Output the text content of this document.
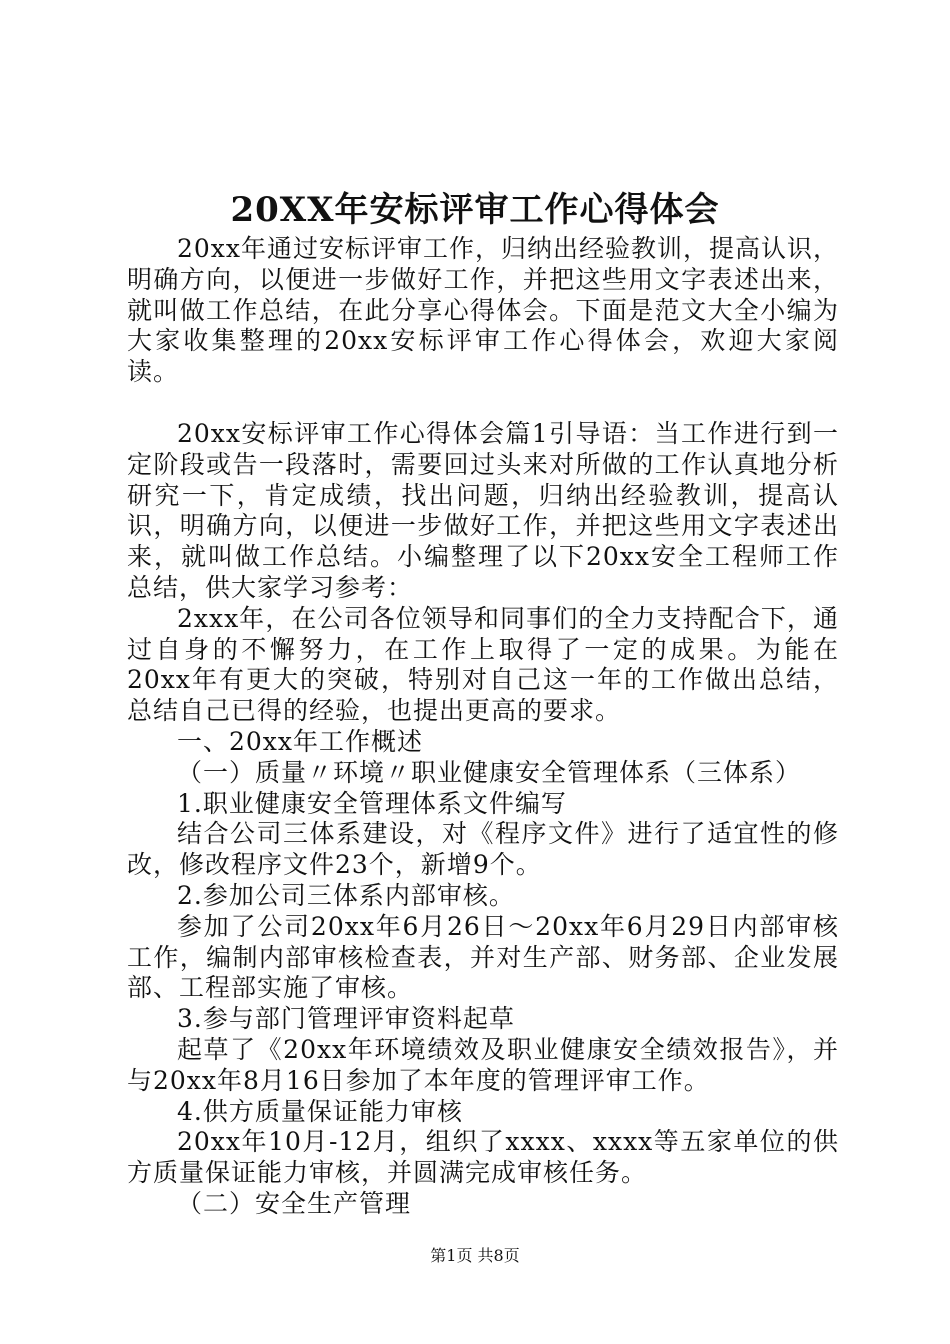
20XX年安标评审工作心得体会

20xx年通过安标评审工作，归纳出经验教训，提高认识，明确方向，以便进一步做好工作，并把这些用文字表述出来，就叫做工作总结，在此分享心得体会。下面是范文大全小编为大家收集整理的20xx安标评审工作心得体会，欢迎大家阅读。

20xx安标评审工作心得体会篇1引导语：当工作进行到一定阶段或告一段落时，需要回过头来对所做的工作认真地分析研究一下，肯定成绩，找出问题，归纳出经验教训，提高认识，明确方向，以便进一步做好工作，并把这些用文字表述出来，就叫做工作总结。小编整理了以下20xx安全工程师工作总结，供大家学习参考：

2xxx年，在公司各位领导和同事们的全力支持配合下，通过自身的不懈努力，在工作上取得了一定的成果。为能在20xx年有更大的突破，特别对自己这一年的工作做出总结，总结自己已得的经验，也提出更高的要求。

一、20xx年工作概述

（一）质量〃环境〃职业健康安全管理体系（三体系）

1.职业健康安全管理体系文件编写

结合公司三体系建设，对《程序文件》进行了适宜性的修改，修改程序文件23个，新增9个。

2.参加公司三体系内部审核。

参加了公司20xx年6月26日～20xx年6月29日内部审核工作，编制内部审核检查表，并对生产部、财务部、企业发展部、工程部实施了审核。

3.参与部门管理评审资料起草

起草了《20xx年环境绩效及职业健康安全绩效报告》，并与20xx年8月16日参加了本年度的管理评审工作。

4.供方质量保证能力审核

20xx年10月-12月，组织了xxxx、xxxx等五家单位的供方质量保证能力审核，并圆满完成审核任务。

（二）安全生产管理

第1页 共8页
